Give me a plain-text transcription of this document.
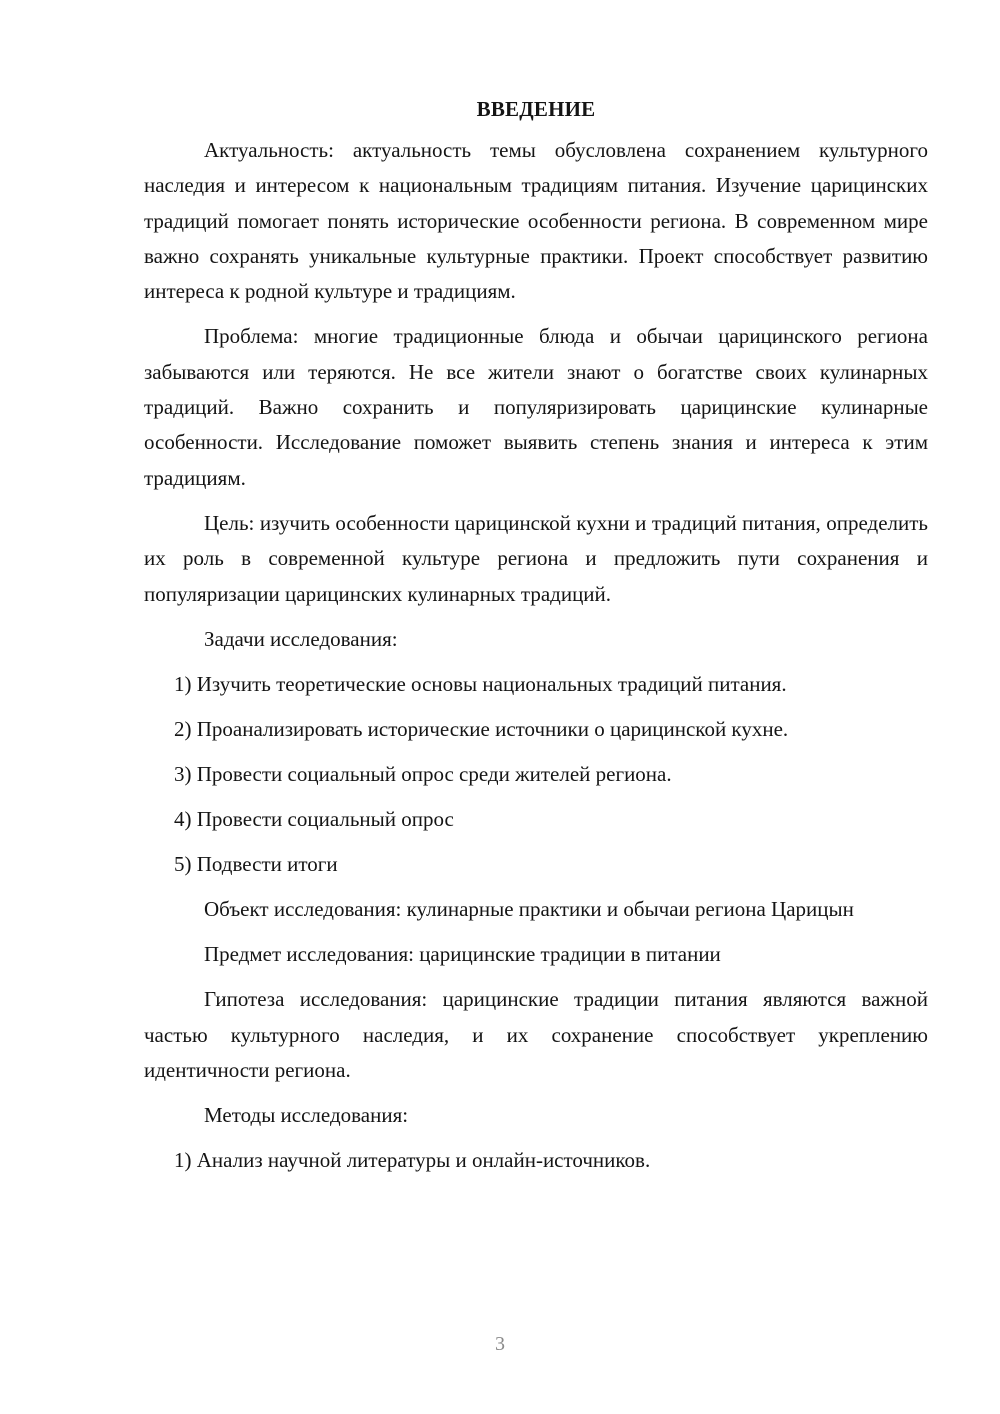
ВВЕДЕНИЕ

Актуальность: актуальность темы обусловлена сохранением культурного наследия и интересом к национальным традициям питания. Изучение царицинских традиций помогает понять исторические особенности региона. В современном мире важно сохранять уникальные культурные практики. Проект способствует развитию интереса к родной культуре и традициям.

Проблема: многие традиционные блюда и обычаи царицинского региона забываются или теряются. Не все жители знают о богатстве своих кулинарных традиций. Важно сохранить и популяризировать царицинские кулинарные особенности. Исследование поможет выявить степень знания и интереса к этим традициям.

Цель: изучить особенности царицинской кухни и традиций питания, определить их роль в современной культуре региона и предложить пути сохранения и популяризации царицинских кулинарных традиций.

Задачи исследования:

1) Изучить теоретические основы национальных традиций питания.

2) Проанализировать исторические источники о царицинской кухне.

3) Провести социальный опрос среди жителей региона.

4) Провести социальный опрос

5) Подвести итоги

Объект исследования: кулинарные практики и обычаи региона Царицын

Предмет исследования: царицинские традиции в питании

Гипотеза исследования: царицинские традиции питания являются важной частью культурного наследия, и их сохранение способствует укреплению идентичности региона.

Методы исследования:

1) Анализ научной литературы и онлайн-источников.

3
